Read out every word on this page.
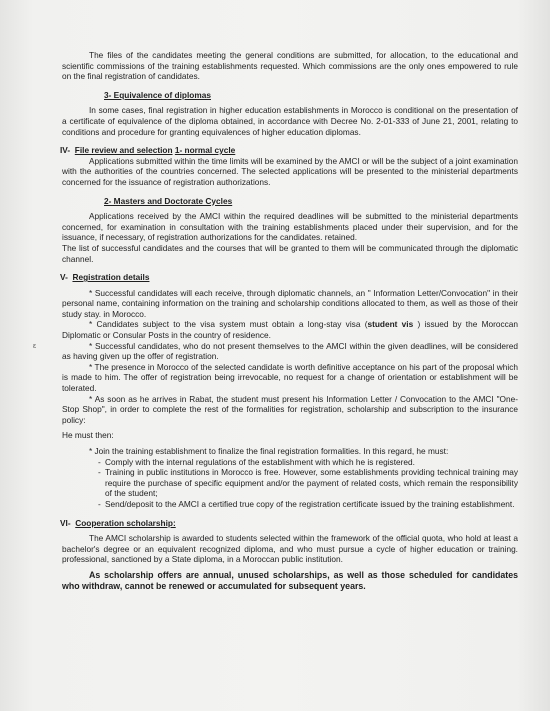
ε

The files of the candidates meeting the general conditions are submitted, for allocation, to the educational and scientific commissions of the training establishments requested. Which commissions are the only ones empowered to rule on the final registration of candidates.

3- Equivalence of diplomas

In some cases, final registration in higher education establishments in Morocco is conditional on the presentation of a certificate of equivalence of the diploma obtained, in accordance with Decree No. 2-01-333 of June 21, 2001, relating to conditions and procedure for granting equivalences of higher education diplomas.

IV- File review and selection 1- normal cycle

Applications submitted within the time limits will be examined by the AMCI or will be the subject of a joint examination with the authorities of the countries concerned. The selected applications will be presented to the ministerial departments concerned for the issuance of registration authorizations.

2- Masters and Doctorate Cycles

Applications received by the AMCI within the required deadlines will be submitted to the ministerial departments concerned, for examination in consultation with the training establishments placed under their supervision, and for the issuance, if necessary, of registration authorizations for the candidates. retained.

The list of successful candidates and the courses that will be granted to them will be communicated through the diplomatic channel.

V- Registration details

* Successful candidates will each receive, through diplomatic channels, an " Information Letter/Convocation" in their personal name, containing information on the training and scholarship conditions allocated to them, as well as those of their study stay. in Morocco.

* Candidates subject to the visa system must obtain a long-stay visa (student vis ) issued by the Moroccan Diplomatic or Consular Posts in the country of residence.

* Successful candidates, who do not present themselves to the AMCI within the given deadlines, will be considered as having given up the offer of registration.

* The presence in Morocco of the selected candidate is worth definitive acceptance on his part of the proposal which is made to him. The offer of registration being irrevocable, no request for a change of orientation or establishment will be tolerated.

* As soon as he arrives in Rabat, the student must present his Information Letter / Convocation to the AMCI "One-Stop Shop", in order to complete the rest of the formalities for registration, scholarship and subscription to the insurance policy:

He must then:

* Join the training establishment to finalize the final registration formalities. In this regard, he must:

- Comply with the internal regulations of the establishment with which he is registered.
- Training in public institutions in Morocco is free. However, some establishments providing technical training may require the purchase of specific equipment and/or the payment of related costs, which remain the responsibility of the student;
- Send/deposit to the AMCI a certified true copy of the registration certificate issued by the training establishment.

VI- Cooperation scholarship:

The AMCI scholarship is awarded to students selected within the framework of the official quota, who hold at least a bachelor's degree or an equivalent recognized diploma, and who must pursue a cycle of higher education or training. professional, sanctioned by a State diploma, in a Moroccan public institution.

As scholarship offers are annual, unused scholarships, as well as those scheduled for candidates who withdraw, cannot be renewed or accumulated for subsequent years.
